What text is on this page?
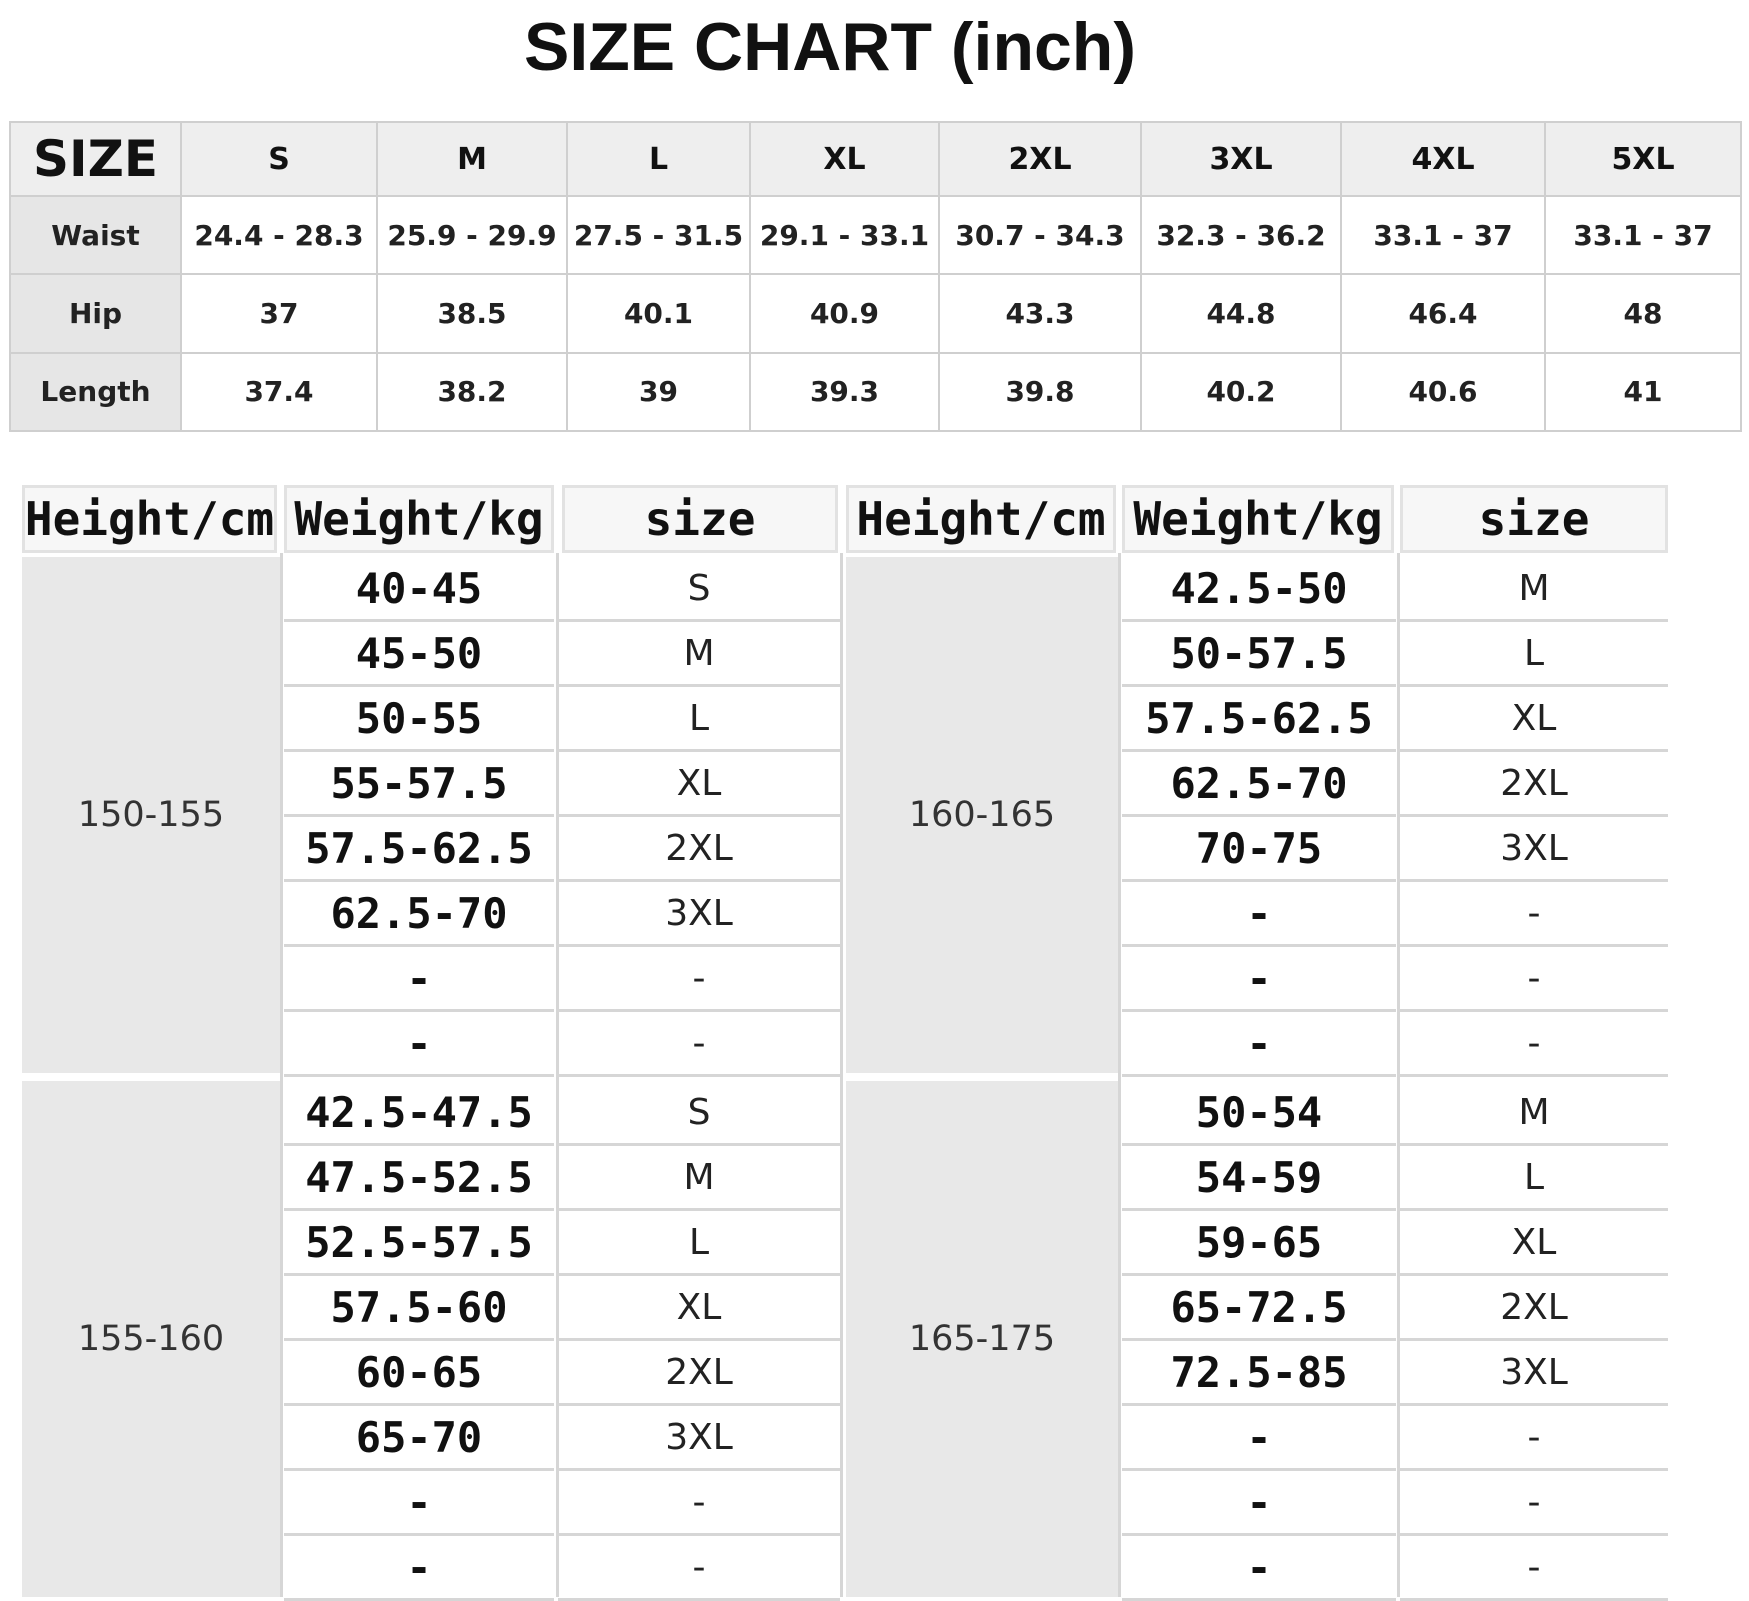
SIZE CHART (inch)
SIZE	S	M	L	XL	2XL	3XL	4XL	5XL
Waist	24.4 - 28.3	25.9 - 29.9	27.5 - 31.5	29.1 - 33.1	30.7 - 34.3	32.3 - 36.2	33.1 - 37	33.1 - 37
Hip	37	38.5	40.1	40.9	43.3	44.8	46.4	48
Length	37.4	38.2	39	39.3	39.8	40.2	40.6	41
Height/cm Weight/kg	size	Height/cm Weight/kg	size
150-155
40-45	S
45-50	M
50-55	L
55-57.5	XL
57.5-62.5	2XL
62.5-70	3XL
-	-
-	-
155-160
42.5-47.5	S
47.5-52.5	M
52.5-57.5	L
57.5-60	XL
60-65	2XL
65-70	3XL
-	-
-	-
160-165
42.5-50	M
50-57.5	L
57.5-62.5	XL
62.5-70	2XL
70-75	3XL
-	-
-	-
-	-
165-175
50-54	M
54-59	L
59-65	XL
65-72.5	2XL
72.5-85	3XL
-	-
-	-
-	-
